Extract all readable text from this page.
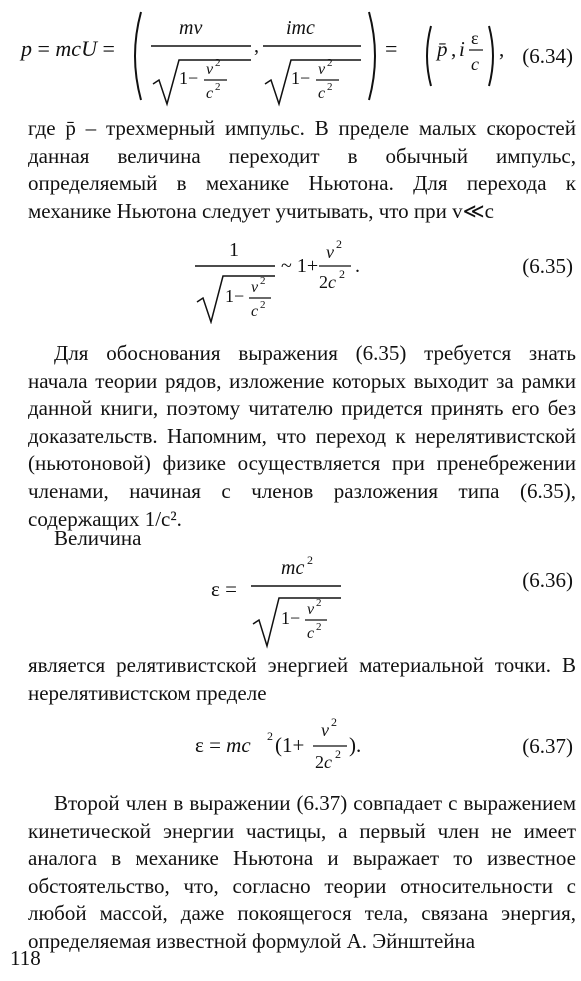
p = mcU =
mv⃗
1− v 2
c 2
,
imc
1− v 2
c 2
= p̄ , i ε
c
, (6.34)

где p̄ – трехмерный импульс. В пределе малых скоростей данная величина переходит в обычный импульс, определяемый в механике Ньютона. Для перехода к механике Ньютона следует учитывать, что при v≪c

1
1− v 2
c 2
~ 1+
v 2
2c 2 .	(6.35)

Для обоснования выражения (6.35) требуется знать начала теории рядов, изложение которых выходит за рамки данной книги, поэтому читателю придется принять его без доказательств. Напомним, что переход к нерелятивистской (ньютоновой) физике осуществляется при пренебрежении членами, начиная с членов разложения типа (6.35), содержащих 1/c².

Величина

ε =
mc 2
1− v 2
c 2
(6.36)

является релятивистской энергией материальной точки. В нерелятивистском пределе

ε = mc 2 (1+
v 2
2c 2 ).	(6.37)

Второй член в выражении (6.37) совпадает с выражением кинетической энергии частицы, а первый член не имеет аналога в механике Ньютона и выражает то известное обстоятельство, что, согласно теории относительности с любой массой, даже покоящегося тела, связана энергия, определяемая известной формулой А. Эйнштейна

118
